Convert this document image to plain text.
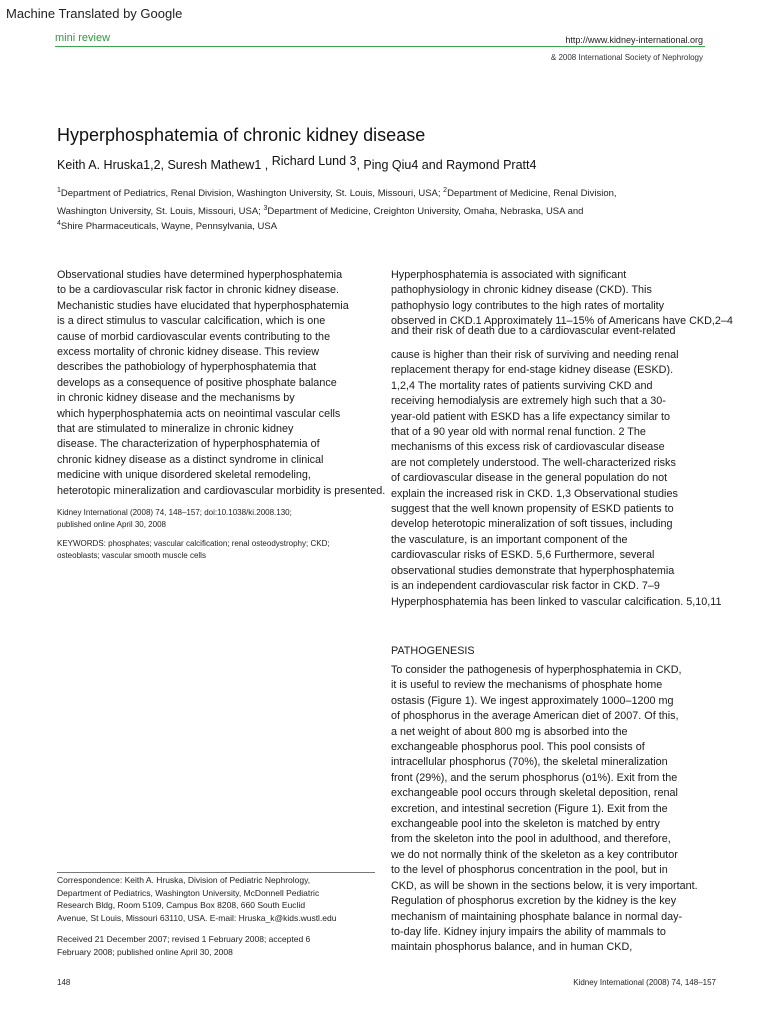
Machine Translated by Google
mini review	http://www.kidney-international.org
& 2008 International Society of Nephrology
Hyperphosphatemia of chronic kidney disease
Keith A. Hruska1,2, Suresh Mathew1 , Richard Lund 3, Ping Qiu4 and Raymond Pratt4
$^1$Department of Pediatrics, Renal Division, Washington University, St. Louis, Missouri, USA; $^2$Department of Medicine, Renal Division,
Washington University, St. Louis, Missouri, USA; $^3$Department of Medicine, Creighton University, Omaha, Nebraska, USA and
$^4$Shire Pharmaceuticals, Wayne, Pennsylvania, USA
Observational studies have determined hyperphosphatemia
to be a cardiovascular risk factor in chronic kidney disease.
Mechanistic studies have elucidated that hyperphosphatemia
is a direct stimulus to vascular calcification, which is one
cause of morbid cardiovascular events contributing to the
excess mortality of chronic kidney disease. This review
describes the pathobiology of hyperphosphatemia that
develops as a consequence of positive phosphate balance
in chronic kidney disease and the mechanisms by
which hyperphosphatemia acts on neointimal vascular cells
that are stimulated to mineralize in chronic kidney
disease. The characterization of hyperphosphatemia of
chronic kidney disease as a distinct syndrome in clinical
medicine with unique disordered skeletal remodeling,
heterotopic mineralization and cardiovascular morbidity is presented.
Kidney International (2008) 74, 148–157; doi:10.1038/ki.2008.130;
published online April 30, 2008
KEYWORDS: phosphates; vascular calcification; renal osteodystrophy; CKD;
osteoblasts; vascular smooth muscle cells
Correspondence: Keith A. Hruska, Division of Pediatric Nephrology,
Department of Pediatrics, Washington University, McDonnell Pediatric
Research Bldg, Room 5109, Campus Box 8208, 660 South Euclid
Avenue, St Louis, Missouri 63110, USA. E-mail: Hruska_k@kids.wustl.edu
Received 21 December 2007; revised 1 February 2008; accepted 6
February 2008; published online April 30, 2008
Hyperphosphatemia is associated with significant
pathophysiology in chronic kidney disease (CKD). This
pathophysio logy contributes to the high rates of mortality
observed in CKD.1 Approximately 11–15% of Americans have CKD,2–4
and their risk of death due to a cardiovascular event-related
cause is higher than their risk of surviving and needing renal
replacement therapy for end-stage kidney disease (ESKD).
1,2,4 The mortality rates of patients surviving CKD and
receiving hemodialysis are extremely high such that a 30-
year-old patient with ESKD has a life expectancy similar to
that of a 90 year old with normal renal function. 2 The
mechanisms of this excess risk of cardiovascular disease
are not completely understood. The well-characterized risks
of cardiovascular disease in the general population do not
explain the increased risk in CKD. 1,3 Observational studies
suggest that the well known propensity of ESKD patients to
develop heterotopic mineralization of soft tissues, including
the vasculature, is an important component of the
cardiovascular risks of ESKD. 5,6 Furthermore, several
observational studies demonstrate that hyperphosphatemia
is an independent cardiovascular risk factor in CKD. 7–9
Hyperphosphatemia has been linked to vascular calcification. 5,10,11
PATHOGENESIS
To consider the pathogenesis of hyperphosphatemia in CKD,
it is useful to review the mechanisms of phosphate home
ostasis (Figure 1). We ingest approximately 1000–1200 mg
of phosphorus in the average American diet of 2007. Of this,
a net weight of about 800 mg is absorbed into the
exchangeable phosphorus pool. This pool consists of
intracellular phosphorus (70%), the skeletal mineralization
front (29%), and the serum phosphorus (o1%). Exit from the
exchangeable pool occurs through skeletal deposition, renal
excretion, and intestinal secretion (Figure 1). Exit from the
exchangeable pool into the skeleton is matched by entry
from the skeleton into the pool in adulthood, and therefore,
we do not normally think of the skeleton as a key contributor
to the level of phosphorus concentration in the pool, but in
CKD, as will be shown in the sections below, it is very important.
Regulation of phosphorus excretion by the kidney is the key
mechanism of maintaining phosphate balance in normal day-
to-day life. Kidney injury impairs the ability of mammals to
maintain phosphorus balance, and in human CKD,
148	Kidney International (2008) 74, 148–157
